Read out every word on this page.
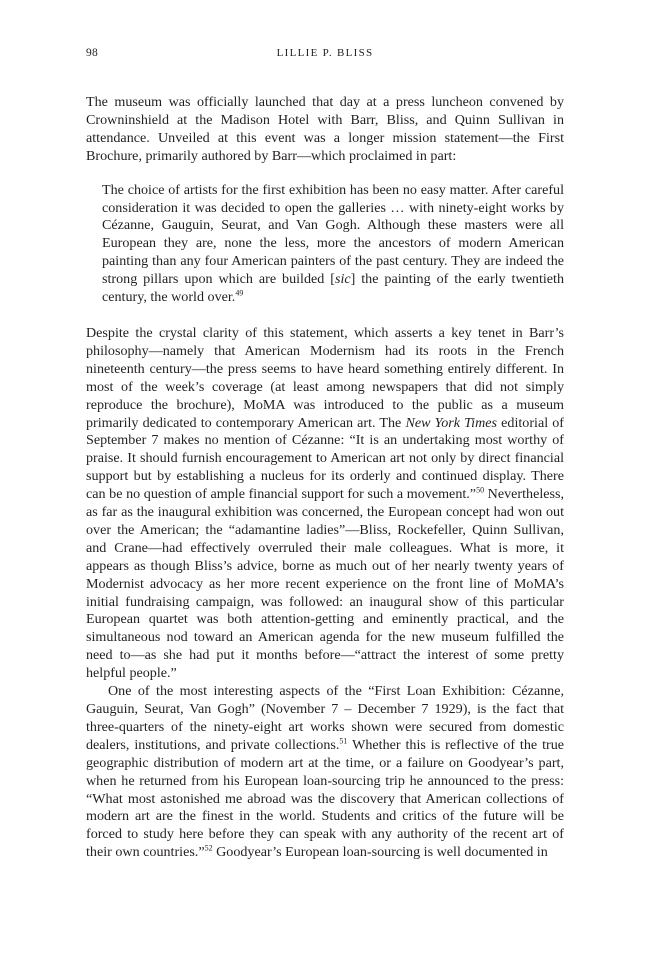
98	LILLIE P. BLISS

The museum was officially launched that day at a press luncheon convened by Crowninshield at the Madison Hotel with Barr, Bliss, and Quinn Sullivan in attendance. Unveiled at this event was a longer mission statement—the First Brochure, primarily authored by Barr—which proclaimed in part:

The choice of artists for the first exhibition has been no easy matter. After careful consideration it was decided to open the galleries … with ninety-eight works by Cézanne, Gauguin, Seurat, and Van Gogh. Although these masters were all European they are, none the less, more the ancestors of modern American painting than any four American painters of the past century. They are indeed the strong pillars upon which are builded [sic] the painting of the early twentieth century, the world over.$^{49}$

Despite the crystal clarity of this statement, which asserts a key tenet in Barr’s philosophy—namely that American Modernism had its roots in the French nineteenth century—the press seems to have heard something entirely different. In most of the week’s coverage (at least among newspapers that did not simply reproduce the brochure), MoMA was introduced to the public as a museum primarily dedicated to contemporary American art. The New York Times editorial of September 7 makes no mention of Cézanne: “It is an undertaking most worthy of praise. It should furnish encouragement to American art not only by direct financial support but by establishing a nucleus for its orderly and continued display. There can be no question of ample financial support for such a movement.”$^{50}$ Nevertheless, as far as the inaugural exhibition was concerned, the European concept had won out over the American; the “adamantine ladies”—Bliss, Rockefeller, Quinn Sullivan, and Crane—had effectively overruled their male colleagues. What is more, it appears as though Bliss’s advice, borne as much out of her nearly twenty years of Modernist advocacy as her more recent experience on the front line of MoMA’s initial fundraising campaign, was followed: an inaugural show of this particular European quartet was both attention-getting and eminently practical, and the simultaneous nod toward an American agenda for the new museum fulfilled the need to—as she had put it months before—“attract the interest of some pretty helpful people.”

One of the most interesting aspects of the “First Loan Exhibition: Cézanne, Gauguin, Seurat, Van Gogh” (November 7 – December 7 1929), is the fact that three-quarters of the ninety-eight art works shown were secured from domestic dealers, institutions, and private collections.$^{51}$ Whether this is reflective of the true geographic distribution of modern art at the time, or a failure on Goodyear’s part, when he returned from his European loan-sourcing trip he announced to the press: “What most astonished me abroad was the discovery that American collections of modern art are the finest in the world. Students and critics of the future will be forced to study here before they can speak with any authority of the recent art of their own countries.”$^{52}$ Goodyear’s European loan-sourcing is well documented in
